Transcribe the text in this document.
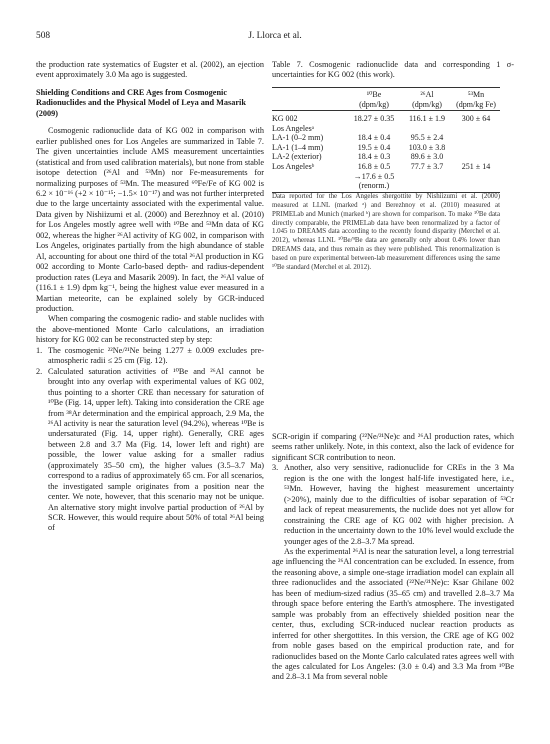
508	J. Llorca et al.

the production rate systematics of Eugster et al. (2002), an ejection event approximately 3.0 Ma ago is suggested.

Shielding Conditions and CRE Ages from Cosmogenic Radionuclides and the Physical Model of Leya and Masarik (2009)

Cosmogenic radionuclide data of KG 002 in comparison with earlier published ones for Los Angeles are summarized in Table 7. The given uncertainties include AMS measurement uncertainties (statistical and from used calibration materials), but none from stable isotope detection (²⁶Al and ⁵³Mn) nor Fe-measurements for normalizing purposes of ⁵³Mn. The measured ⁶⁰Fe/Fe of KG 002 is 6.2 × 10⁻¹⁶ (+2 × 10⁻¹⁵; −1.5× 10⁻¹⁷) and was not further interpreted due to the large uncertainty associated with the experimental value. Data given by Nishiizumi et al. (2000) and Berezhnoy et al. (2010) for Los Angeles mostly agree well with ¹⁰Be and ⁵³Mn data of KG 002, whereas the higher ²⁶Al activity of KG 002, in comparison with Los Angeles, originates partially from the high abundance of stable Al, accounting for about one third of the total ²⁶Al production in KG 002 according to Monte Carlo-based depth- and radius-dependent production rates (Leya and Masarik 2009). In fact, the ²⁶Al value of (116.1 ± 1.9) dpm kg⁻¹, being the highest value ever measured in a Martian meteorite, can be explained solely by GCR-induced production.

When comparing the cosmogenic radio- and stable nuclides with the above-mentioned Monte Carlo calculations, an irradiation history for KG 002 can be reconstructed step by step:

1. The cosmogenic ²²Ne/²¹Ne being 1.277 ± 0.009 excludes pre-atmospheric radii ≤ 25 cm (Fig. 12).
2. Calculated saturation activities of ¹⁰Be and ²⁶Al cannot be brought into any overlap with experimental values of KG 002, thus pointing to a shorter CRE than necessary for saturation of ¹⁰Be (Fig. 14, upper left). Taking into consideration the CRE age from ³⁸Ar determination and the empirical approach, 2.9 Ma, the ²⁶Al activity is near the saturation level (94.2%), whereas ¹⁰Be is undersaturated (Fig. 14, upper right). Generally, CRE ages between 2.8 and 3.7 Ma (Fig. 14, lower left and right) are possible, the lower value asking for a smaller radius (approximately 35–50 cm), the higher values (3.5–3.7 Ma) correspond to a radius of approximately 65 cm. For all scenarios, the investigated sample originates from a position near the center. We note, however, that this scenario may not be unique. An alternative story might involve partial production of ²⁶Al by SCR. However, this would require about 50% of total ²⁶Al being of

Table 7. Cosmogenic radionuclide data and corresponding 1 σ-uncertainties for KG 002 (this work).

	¹⁰Be	²⁶Al	⁵³Mn
	(dpm/kg)	(dpm/kg)	(dpm/kg Fe)
KG 002	18.27 ± 0.35	116.1 ± 1.9	300 ± 64
Los Angelesᵃ			
LA-1 (0–2 mm)	18.4 ± 0.4	95.5 ± 2.4	
LA-1 (1–4 mm)	19.5 ± 0.4	103.0 ± 3.8	
LA-2 (exterior)	18.4 ± 0.3	89.6 ± 3.0	
Los Angelesᵇ	16.8 ± 0.5	77.7 ± 3.7	251 ± 14
	→17.6 ± 0.5		
	(renorm.)		

Data reported for the Los Angeles shergottite by Nishiizumi et al. (2000) measured at LLNL (marked ᵃ) and Berezhnoy et al. (2010) measured at PRIMELab and Munich (marked ᵇ) are shown for comparison. To make ¹⁰Be data directly comparable, the PRIMELab data have been renormalized by a factor of 1.045 to DREAMS data according to the recently found disparity (Merchel et al. 2012), whereas LLNL ¹⁰Be/⁹Be data are generally only about 0.4% lower than DREAMS data, and thus remain as they were published. This renormalization is based on pure experimental between-lab measurement differences using the same ¹⁰Be standard (Merchel et al. 2012).

SCR-origin if comparing (²²Ne/²¹Ne)c and ²⁶Al production rates, which seems rather unlikely. Note, in this context, also the lack of evidence for significant SCR contribution to neon.

3. Another, also very sensitive, radionuclide for CREs in the 3 Ma region is the one with the longest half-life investigated here, i.e., ⁵³Mn. However, having the highest measurement uncertainty (>20%), mainly due to the difficulties of isobar separation of ⁵³Cr and lack of repeat measurements, the nuclide does not yet allow for constraining the CRE age of KG 002 with higher precision. A reduction in the uncertainty down to the 10% level would exclude the younger ages of the 2.8–3.7 Ma spread.

As the experimental ²⁶Al is near the saturation level, a long terrestrial age influencing the ²⁶Al concentration can be excluded. In essence, from the reasoning above, a simple one-stage irradiation model can explain all three radionuclides and the associated (²²Ne/²¹Ne)c: Ksar Ghilane 002 has been of medium-sized radius (35–65 cm) and travelled 2.8–3.7 Ma through space before entering the Earth's atmosphere. The investigated sample was probably from an effectively shielded position near the center, thus, excluding SCR-induced nuclear reaction products as inferred for other shergottites. In this version, the CRE age of KG 002 from noble gases based on the empirical production rate, and for radionuclides based on the Monte Carlo calculated rates agrees well with the ages calculated for Los Angeles: (3.0 ± 0.4) and 3.3 Ma from ¹⁰Be and 2.8–3.1 Ma from several noble
